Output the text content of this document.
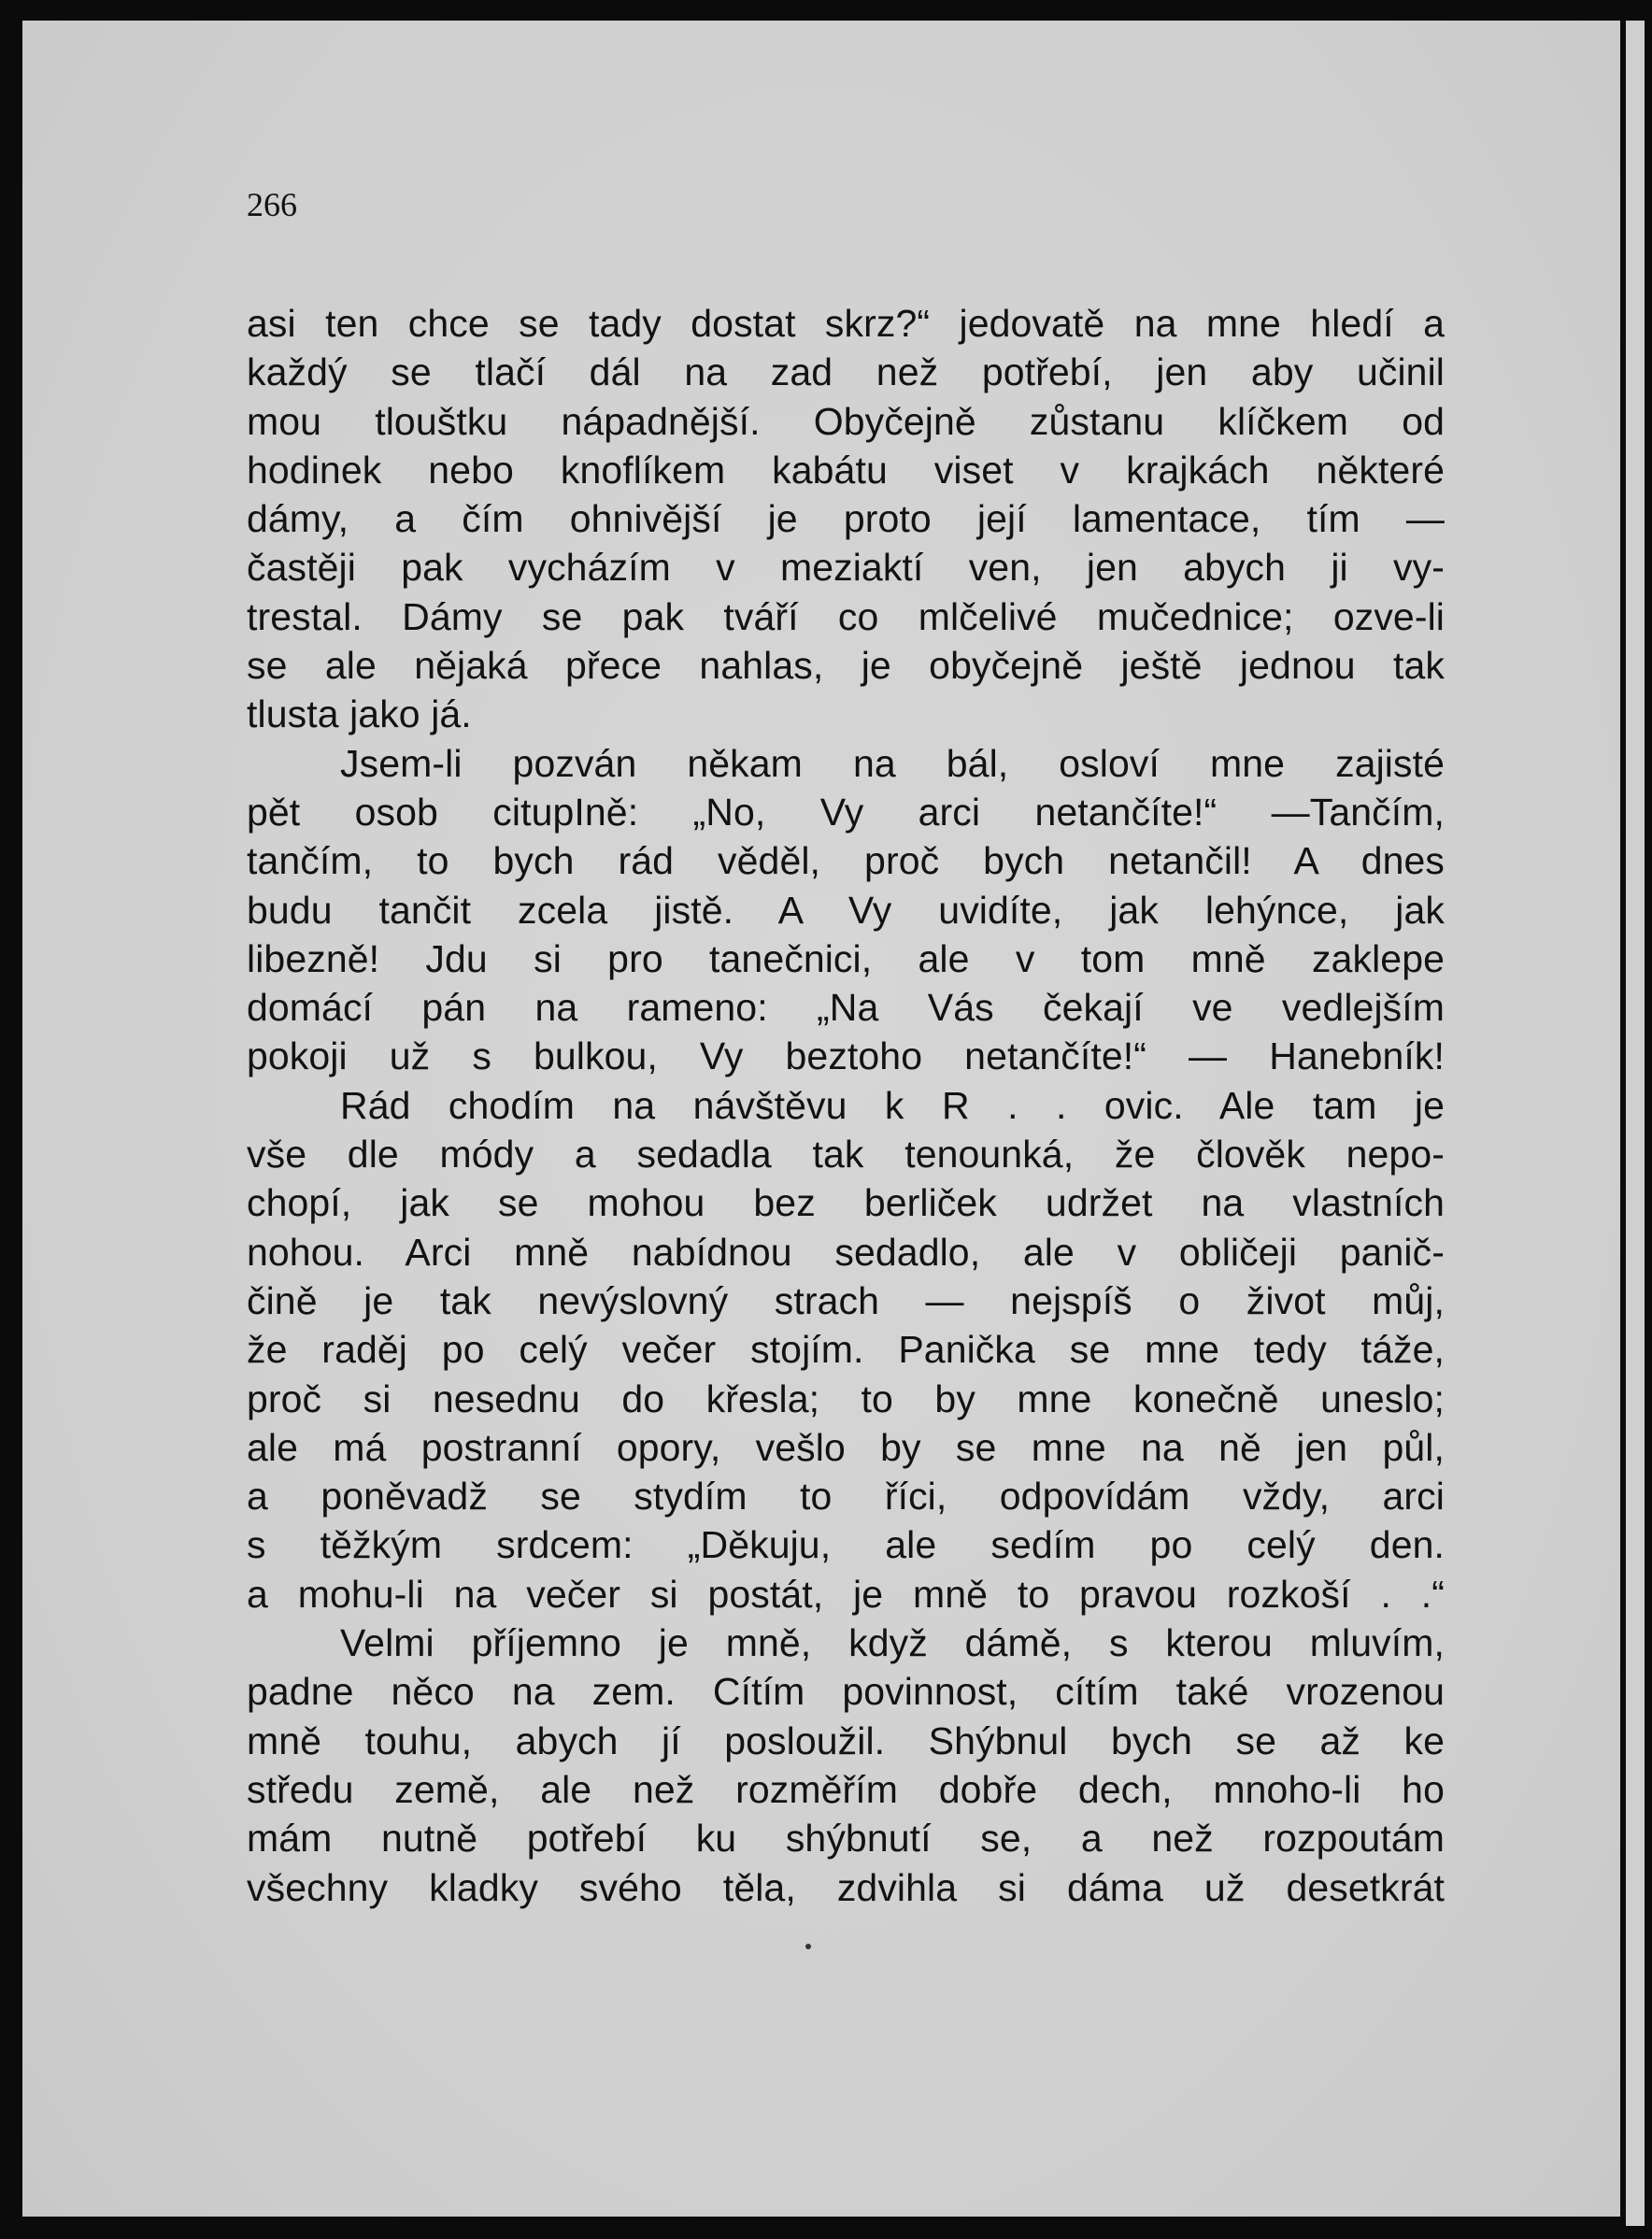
266
asi ten chce se tady dostat skrz?“ jedovatě na mne hledí a
každý se tlačí dál na zad než potřebí, jen aby učinil
mou tlouštku nápadnější. Obyčejně zůstanu klíčkem od
hodinek nebo knoflíkem kabátu viset v krajkách některé
dámy, a čím ohnivější je proto její lamentace, tím —
častěji pak vycházím v meziaktí ven, jen abych ji vy-
trestal. Dámy se pak tváří co mlčelivé mučednice; ozve-li
se ale nějaká přece nahlas, je obyčejně ještě jednou tak
tlusta jako já.
Jsem-li pozván někam na bál, osloví mne zajisté
pět osob citupIně: „No, Vy arci netančíte!“ —Tančím,
tančím, to bych rád věděl, proč bych netančil! A dnes
budu tančit zcela jistě. A Vy uvidíte, jak lehýnce, jak
libezně! Jdu si pro tanečnici, ale v tom mně zaklepe
domácí pán na rameno: „Na Vás čekají ve vedlejším
pokoji už s bulkou, Vy beztoho netančíte!“ — Hanebník!
Rád chodím na návštěvu k R . . ovic. Ale tam je
vše dle módy a sedadla tak tenounká, že člověk nepo-
chopí, jak se mohou bez berliček udržet na vlastních
nohou. Arci mně nabídnou sedadlo, ale v obličeji panič-
čině je tak nevýslovný strach — nejspíš o život můj,
že raděj po celý večer stojím. Panička se mne tedy táže,
proč si nesednu do křesla; to by mne konečně uneslo;
ale má postranní opory, vešlo by se mne na ně jen půl,
a poněvadž se stydím to říci, odpovídám vždy, arci
s těžkým srdcem: „Děkuju, ale sedím po celý den.
a mohu-li na večer si postát, je mně to pravou rozkoší . .“
Velmi příjemno je mně, když dámě, s kterou mluvím,
padne něco na zem. Cítím povinnost, cítím také vrozenou
mně touhu, abych jí posloužil. Shýbnul bych se až ke
středu země, ale než rozměřím dobře dech, mnoho-li ho
mám nutně potřebí ku shýbnutí se, a než rozpoutám
všechny kladky svého těla, zdvihla si dáma už desetkrát
